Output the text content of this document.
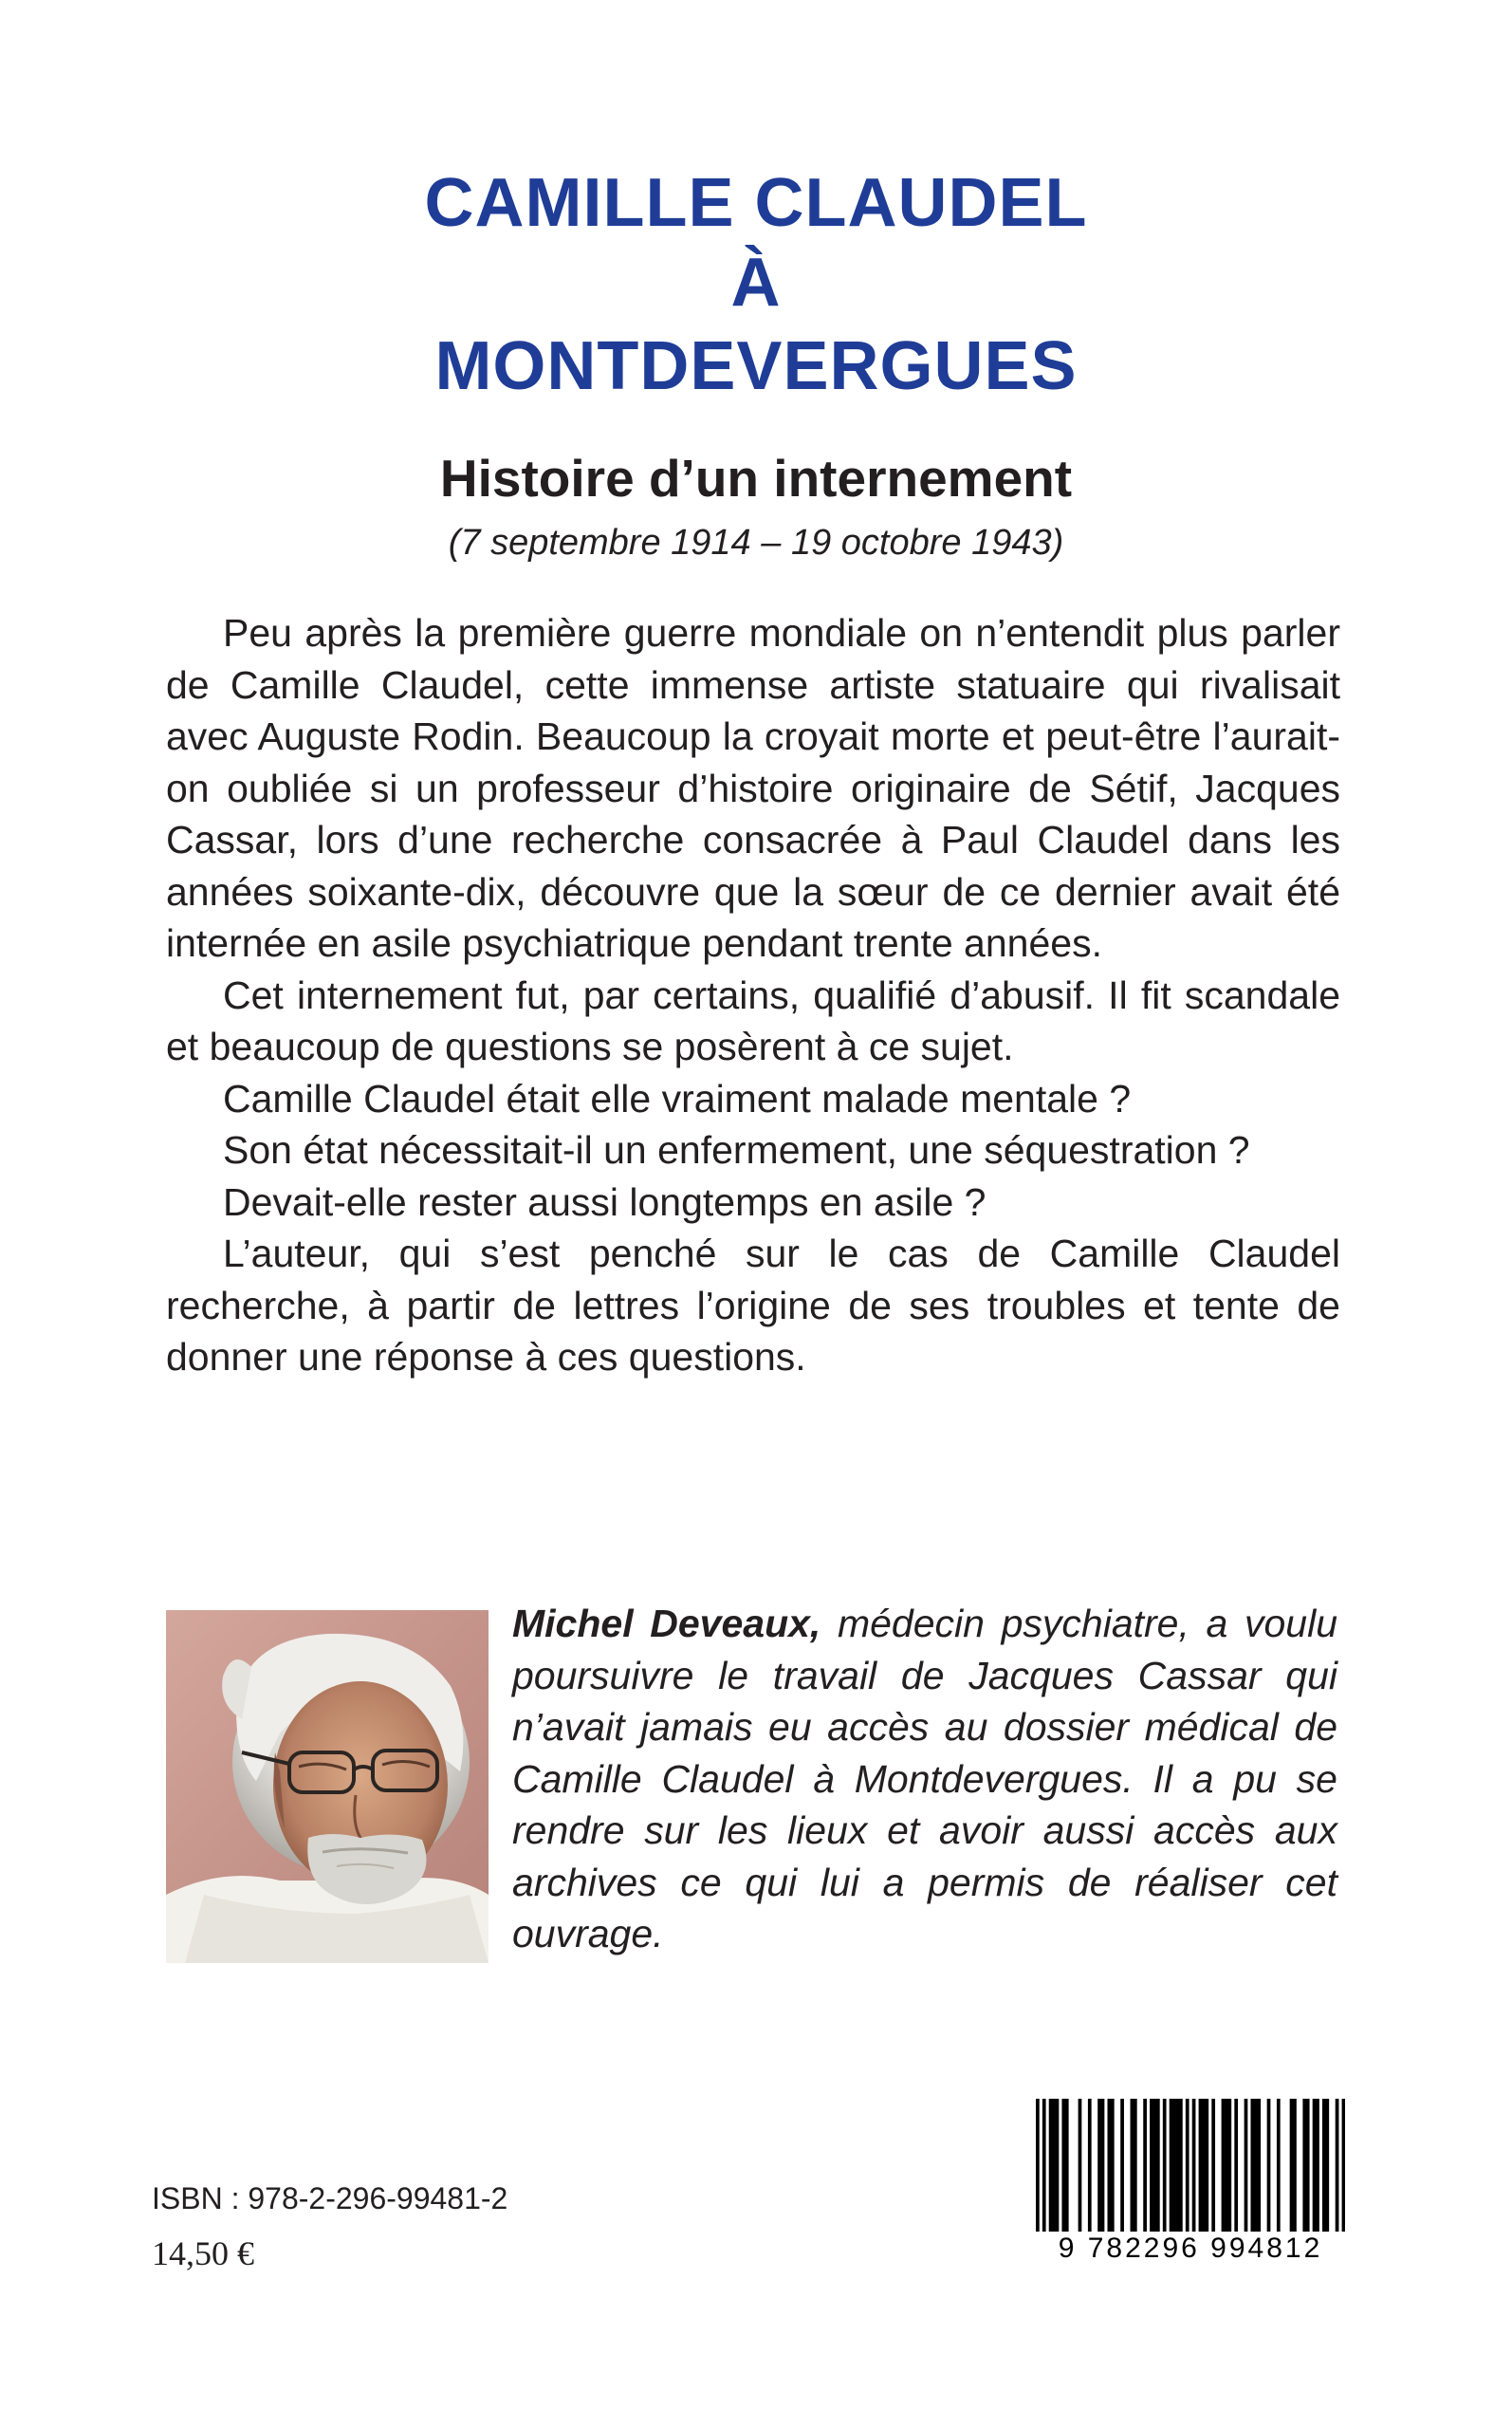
CAMILLE CLAUDEL
À
MONTDEVERGUES
Histoire d’un internement

(7 septembre 1914 – 19 octobre 1943)

Peu après la première guerre mondiale on n’entendit plus parler de Camille Claudel, cette immense artiste statuaire qui rivalisait avec Auguste Rodin. Beaucoup la croyait morte et peut-être l’aurait-on oubliée si un professeur d’histoire originaire de Sétif, Jacques Cassar, lors d’une recherche consacrée à Paul Claudel dans les années soixante-dix, découvre que la sœur de ce dernier avait été internée en asile psychiatrique pendant trente années.

Cet internement fut, par certains, qualifié d’abusif. Il fit scandale et beaucoup de questions se posèrent à ce sujet.

Camille Claudel était elle vraiment malade mentale ?

Son état nécessitait-il un enfermement, une séquestration ?

Devait-elle rester aussi longtemps en asile ?

L’auteur, qui s’est penché sur le cas de Camille Claudel recherche, à partir de lettres l’origine de ses troubles et tente de donner une réponse à ces questions.

Michel Deveaux, médecin psychiatre, a voulu poursuivre le travail de Jacques Cassar qui n’avait jamais eu accès au dossier médical de Camille Claudel à Montdevergues. Il a pu se rendre sur les lieux et avoir aussi accès aux archives ce qui lui a permis de réaliser cet ouvrage.

ISBN : 978-2-296-99481-2

14,50 €	9 782296 994812
